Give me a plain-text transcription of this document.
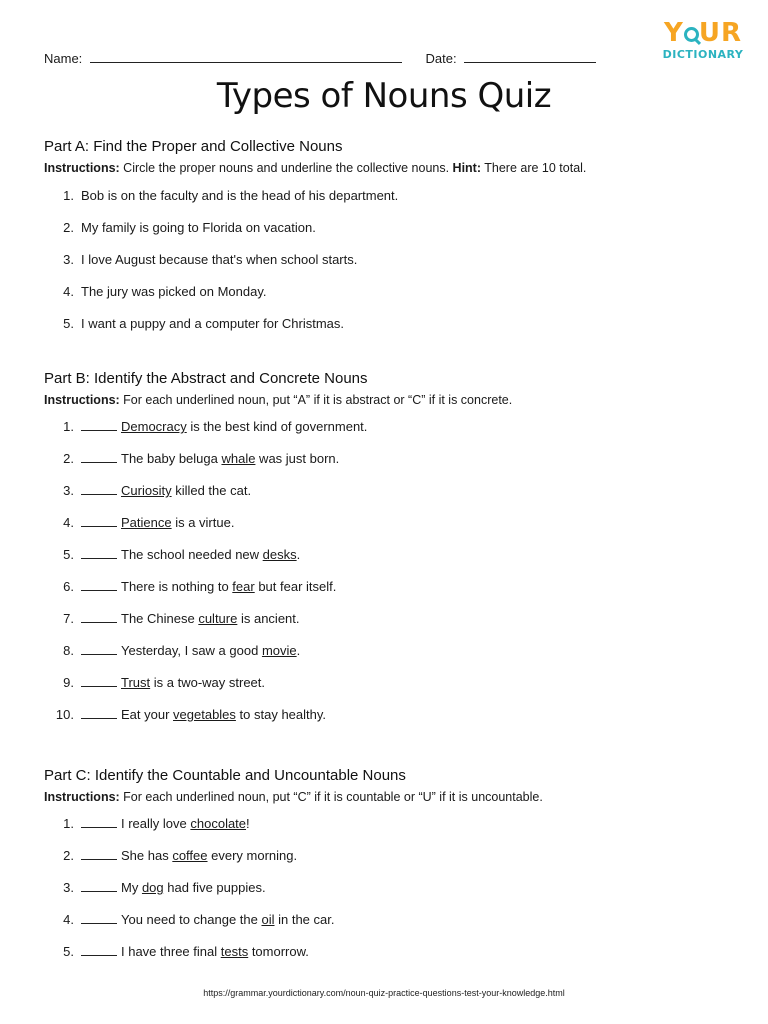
Name:	Date:
Y UR
DICTIONARY
Types of Nouns Quiz
Part A: Find the Proper and Collective Nouns
Instructions: Circle the proper nouns and underline the collective nouns. Hint: There are 10 total.
1. Bob is on the faculty and is the head of his department.
2. My family is going to Florida on vacation.
3. I love August because that's when school starts.
4. The jury was picked on Monday.
5. I want a puppy and a computer for Christmas.
Part B: Identify the Abstract and Concrete Nouns
Instructions: For each underlined noun, put “A” if it is abstract or “C” if it is concrete.
1.	Democracy is the best kind of government.
2.	The baby beluga whale was just born.
3.	Curiosity killed the cat.
4.	Patience is a virtue.
5.	The school needed new desks.
6.	There is nothing to fear but fear itself.
7.	The Chinese culture is ancient.
8.	Yesterday, I saw a good movie.
9.	Trust is a two-way street.
10.	Eat your vegetables to stay healthy.
Part C: Identify the Countable and Uncountable Nouns
Instructions: For each underlined noun, put “C” if it is countable or “U” if it is uncountable.
1.	I really love chocolate!
2.	She has coffee every morning.
3.	My dog had five puppies.
4.	You need to change the oil in the car.
5.	I have three final tests tomorrow.
https://grammar.yourdictionary.com/noun-quiz-practice-questions-test-your-knowledge.html
